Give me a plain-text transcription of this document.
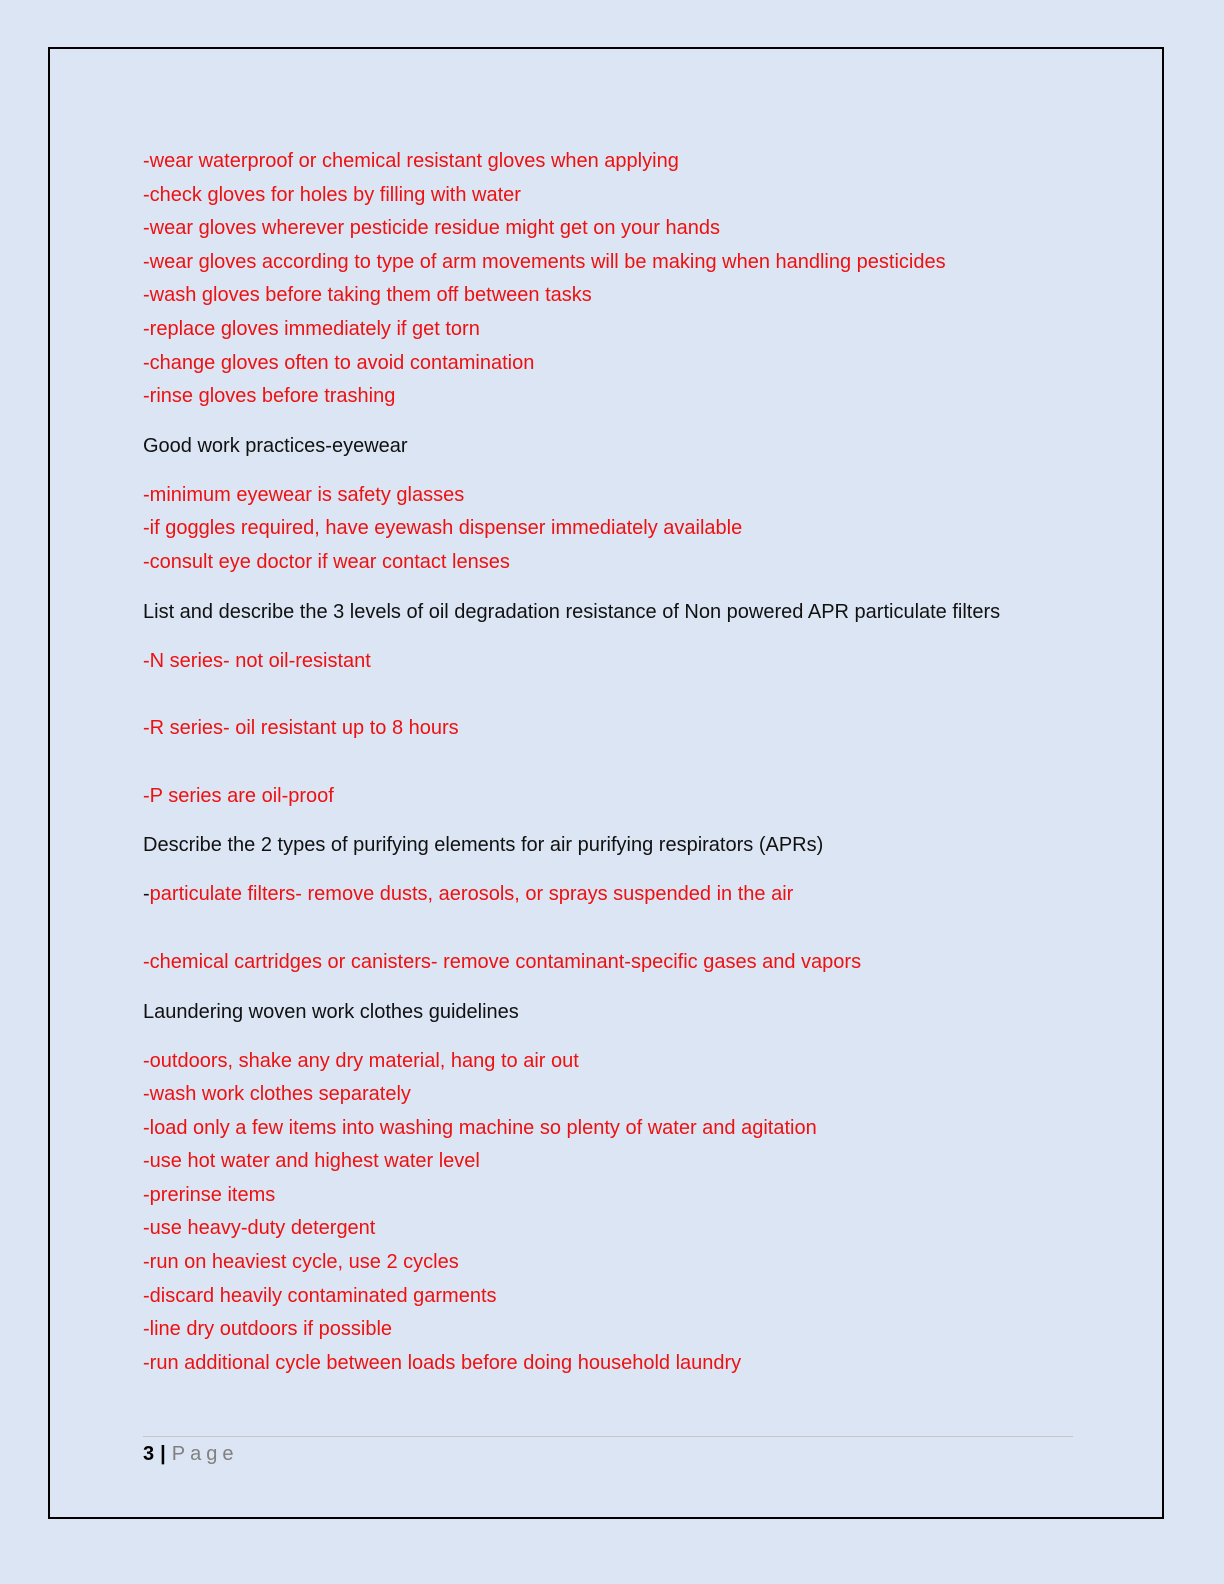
-wear waterproof or chemical resistant gloves when applying
-check gloves for holes by filling with water
-wear gloves wherever pesticide residue might get on your hands
-wear gloves according to type of arm movements will be making when handling pesticides
-wash gloves before taking them off between tasks
-replace gloves immediately if get torn
-change gloves often to avoid contamination
-rinse gloves before trashing
Good work practices-eyewear
-minimum eyewear is safety glasses
-if goggles required, have eyewash dispenser immediately available
-consult eye doctor if wear contact lenses
List and describe the 3 levels of oil degradation resistance of Non powered APR particulate filters
-N series- not oil-resistant
-R series- oil resistant up to 8 hours
-P series are oil-proof
Describe the 2 types of purifying elements for air purifying respirators (APRs)
-particulate filters- remove dusts, aerosols, or sprays suspended in the air
-chemical cartridges or canisters- remove contaminant-specific gases and vapors
Laundering woven work clothes guidelines
-outdoors, shake any dry material, hang to air out
-wash work clothes separately
-load only a few items into washing machine so plenty of water and agitation
-use hot water and highest water level
-prerinse items
-use heavy-duty detergent
-run on heaviest cycle, use 2 cycles
-discard heavily contaminated garments
-line dry outdoors if possible
-run additional cycle between loads before doing household laundry
3 | Page
